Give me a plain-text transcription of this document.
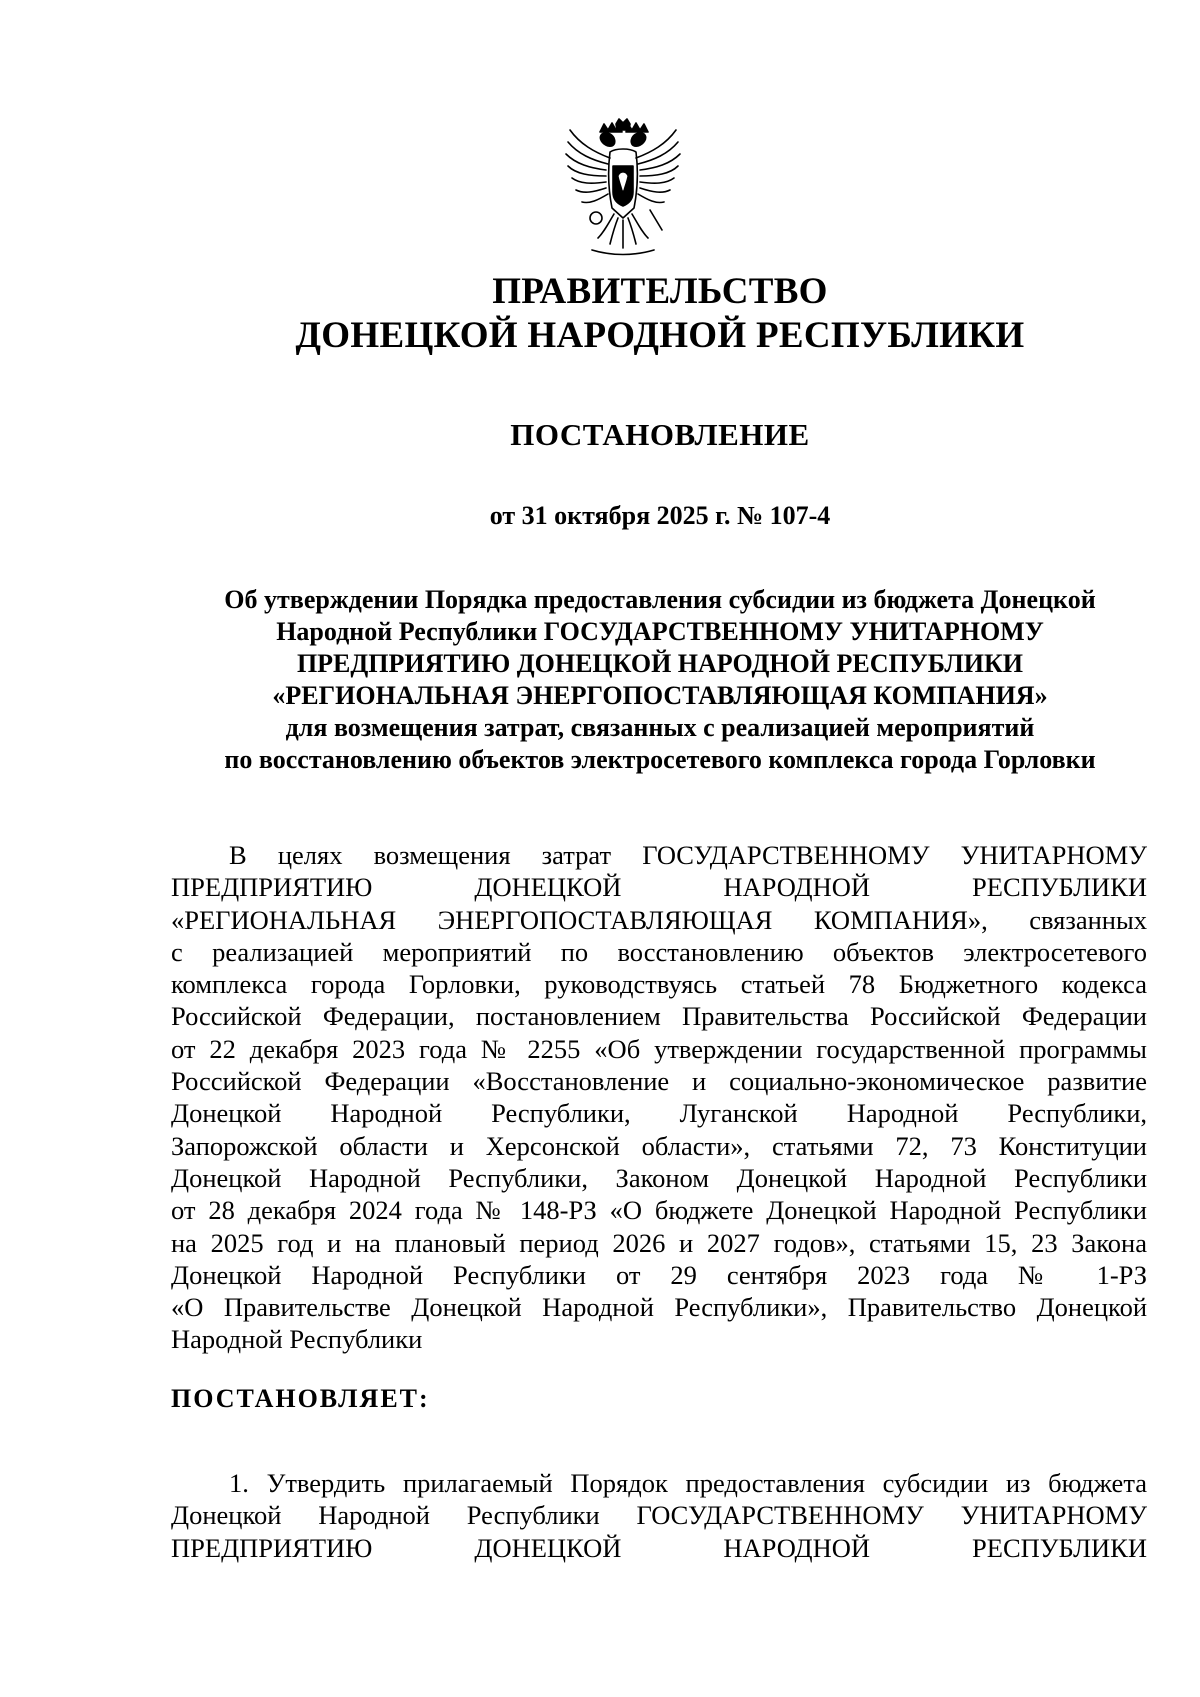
ПРАВИТЕЛЬСТВО
ДОНЕЦКОЙ НАРОДНОЙ РЕСПУБЛИКИ
ПОСТАНОВЛЕНИЕ
от 31 октября 2025 г. № 107-4
Об утверждении Порядка предоставления субсидии из бюджета Донецкой
Народной Республики ГОСУДАРСТВЕННОМУ УНИТАРНОМУ
ПРЕДПРИЯТИЮ ДОНЕЦКОЙ НАРОДНОЙ РЕСПУБЛИКИ
«РЕГИОНАЛЬНАЯ ЭНЕРГОПОСТАВЛЯЮЩАЯ КОМПАНИЯ»
для возмещения затрат, связанных с реализацией мероприятий
по восстановлению объектов электросетевого комплекса города Горловки
В целях возмещения затрат ГОСУДАРСТВЕННОМУ УНИТАРНОМУ
ПРЕДПРИЯТИЮ ДОНЕЦКОЙ НАРОДНОЙ РЕСПУБЛИКИ
«РЕГИОНАЛЬНАЯ ЭНЕРГОПОСТАВЛЯЮЩАЯ КОМПАНИЯ», связанных
с реализацией мероприятий по восстановлению объектов электросетевого
комплекса города Горловки, руководствуясь статьей 78 Бюджетного кодекса
Российской Федерации, постановлением Правительства Российской Федерации
от 22 декабря 2023 года № 2255 «Об утверждении государственной программы
Российской Федерации «Восстановление и социально-экономическое развитие
Донецкой Народной Республики, Луганской Народной Республики,
Запорожской области и Херсонской области», статьями 72, 73 Конституции
Донецкой Народной Республики, Законом Донецкой Народной Республики
от 28 декабря 2024 года № 148-РЗ «О бюджете Донецкой Народной Республики
на 2025 год и на плановый период 2026 и 2027 годов», статьями 15, 23 Закона
Донецкой Народной Республики от 29 сентября 2023 года № 1-РЗ
«О Правительстве Донецкой Народной Республики», Правительство Донецкой
Народной Республики
ПОСТАНОВЛЯЕТ:
1. Утвердить прилагаемый Порядок предоставления субсидии из бюджета
Донецкой Народной Республики ГОСУДАРСТВЕННОМУ УНИТАРНОМУ
ПРЕДПРИЯТИЮ ДОНЕЦКОЙ НАРОДНОЙ РЕСПУБЛИКИ
